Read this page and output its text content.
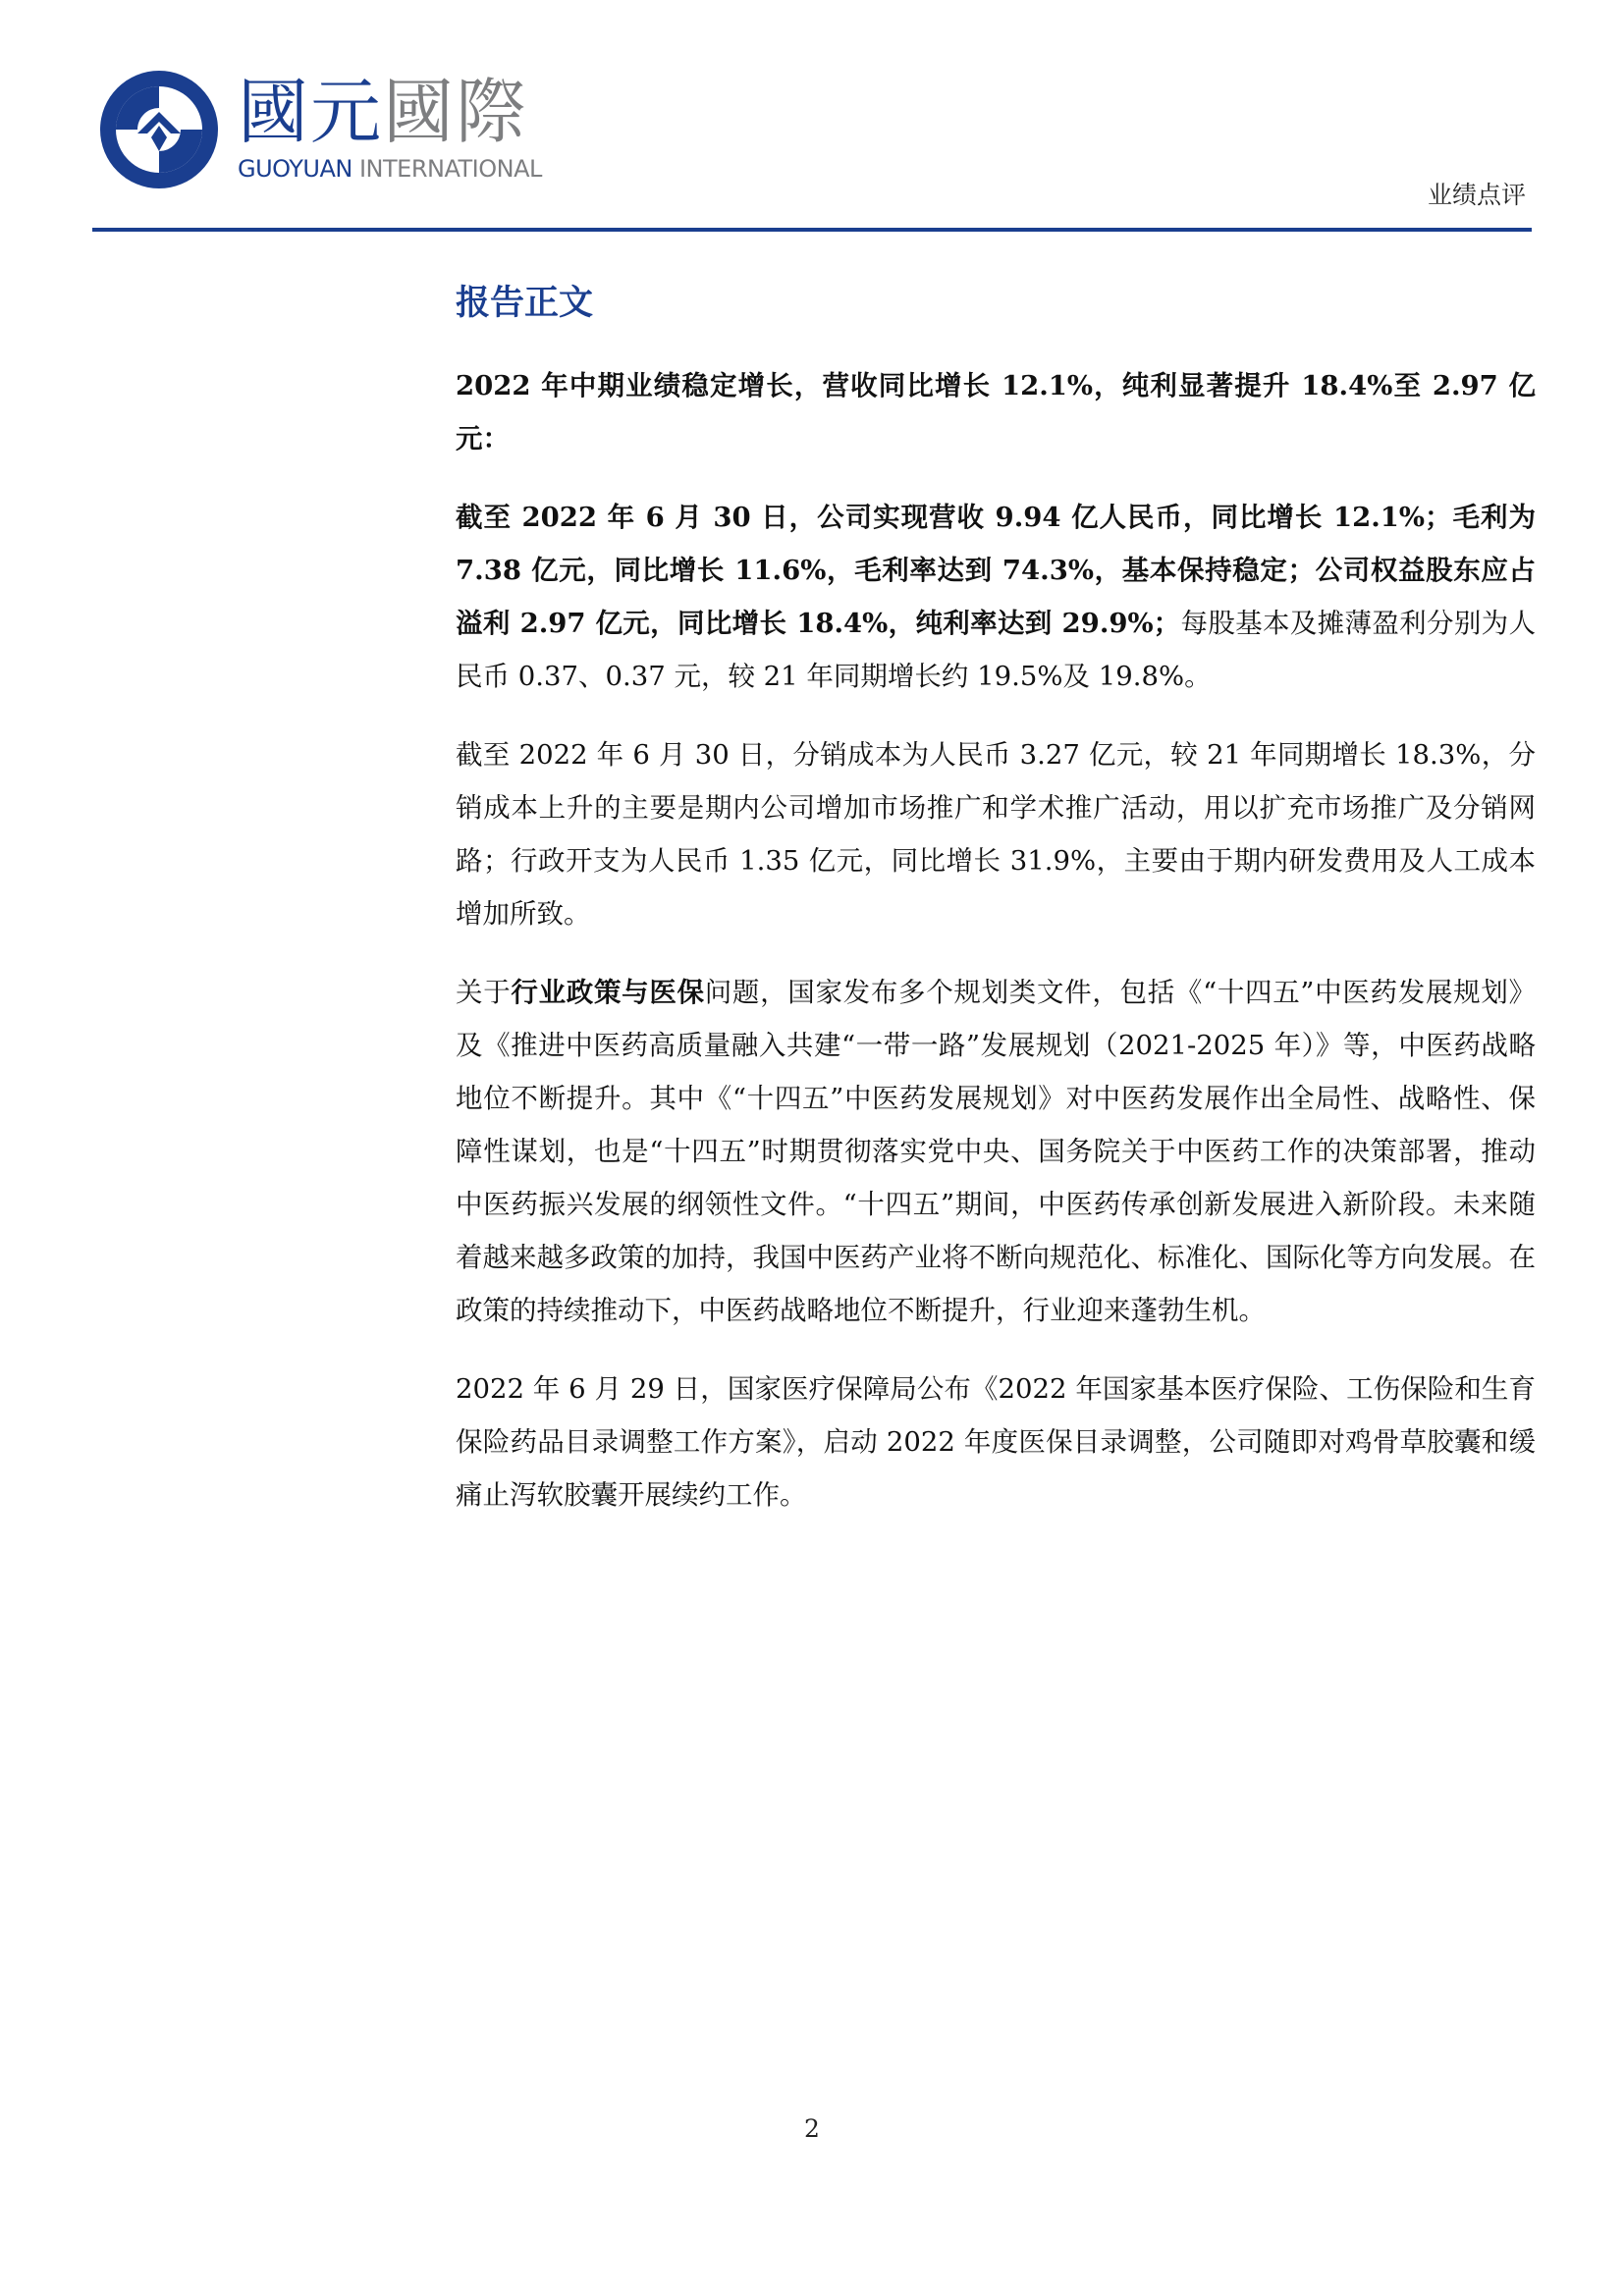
國元國際
GUOYUAN INTERNATIONAL
业绩点评
报告正文

2022 年中期业绩稳定增长，营收同比增长 12.1%，纯利显著提升 18.4%至 2.97 亿元：

截至 2022 年 6 月 30 日，公司实现营收 9.94 亿人民币，同比增长 12.1%；毛利为 7.38 亿元，同比增长 11.6%，毛利率达到 74.3%，基本保持稳定；公司权益股东应占溢利 2.97 亿元，同比增长 18.4%，纯利率达到 29.9%；每股基本及摊薄盈利分别为人民币 0.37、0.37 元，较 21 年同期增长约 19.5%及 19.8%。

截至 2022 年 6 月 30 日，分销成本为人民币 3.27 亿元，较 21 年同期增长 18.3%，分销成本上升的主要是期内公司增加市场推广和学术推广活动，用以扩充市场推广及分销网路；行政开支为人民币 1.35 亿元，同比增长 31.9%，主要由于期内研发费用及人工成本增加所致。

关于行业政策与医保问题，国家发布多个规划类文件，包括《“十四五”中医药发展规划》及《推进中医药高质量融入共建“一带一路”发展规划（2021-2025 年）》等，中医药战略地位不断提升。其中《“十四五”中医药发展规划》对中医药发展作出全局性、战略性、保障性谋划，也是“十四五”时期贯彻落实党中央、国务院关于中医药工作的决策部署，推动中医药振兴发展的纲领性文件。“十四五”期间，中医药传承创新发展进入新阶段。未来随着越来越多政策的加持，我国中医药产业将不断向规范化、标准化、国际化等方向发展。在政策的持续推动下，中医药战略地位不断提升，行业迎来蓬勃生机。

2022 年 6 月 29 日，国家医疗保障局公布《2022 年国家基本医疗保险、工伤保险和生育保险药品目录调整工作方案》，启动 2022 年度医保目录调整，公司随即对鸡骨草胶囊和缓痛止泻软胶囊开展续约工作。

2
